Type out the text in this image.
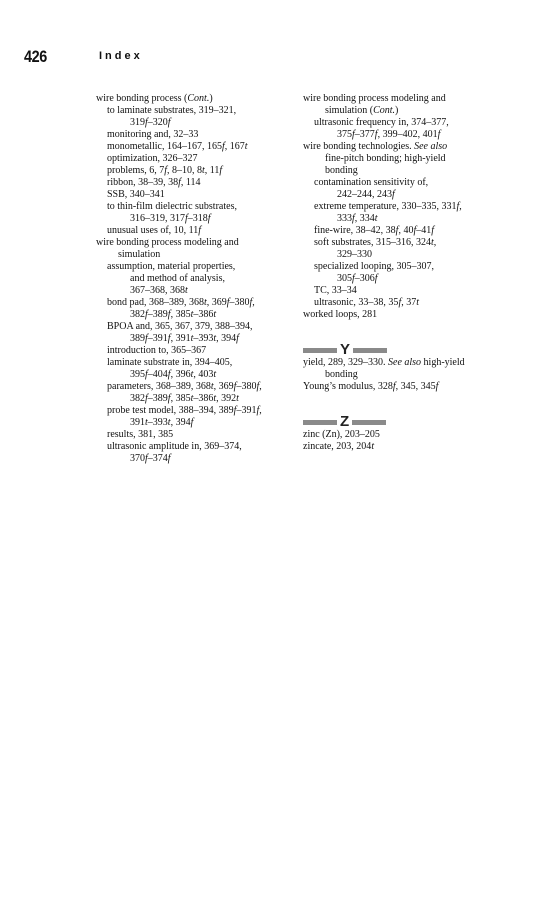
426	Index

wire bonding process (Cont.)

to laminate substrates, 319–321,

319f–320f

monitoring and, 32–33

monometallic, 164–167, 165f, 167t

optimization, 326–327

problems, 6, 7f, 8–10, 8t, 11f

ribbon, 38–39, 38f, 114

SSB, 340–341

to thin-film dielectric substrates,

316–319, 317f–318f

unusual uses of, 10, 11f

wire bonding process modeling and

simulation

assumption, material properties,

and method of analysis,

367–368, 368t

bond pad, 368–389, 368t, 369f–380f,

382f–389f, 385t–386t

BPOA and, 365, 367, 379, 388–394,

389f–391f, 391t–393t, 394f

introduction to, 365–367

laminate substrate in, 394–405,

395f–404f, 396t, 403t

parameters, 368–389, 368t, 369f–380f,

382f–389f, 385t–386t, 392t

probe test model, 388–394, 389f–391f,

391t–393t, 394f

results, 381, 385

ultrasonic amplitude in, 369–374,

370f–374f

wire bonding process modeling and

simulation (Cont.)

ultrasonic frequency in, 374–377,

375f–377f, 399–402, 401f

wire bonding technologies. See also

fine-pitch bonding; high-yield

bonding

contamination sensitivity of,

242–244, 243f

extreme temperature, 330–335, 331f,

333f, 334t

fine-wire, 38–42, 38f, 40f–41f

soft substrates, 315–316, 324t,

329–330

specialized looping, 305–307,

305f–306f

TC, 33–34

ultrasonic, 33–38, 35f, 37t

worked loops, 281

Y

yield, 289, 329–330. See also high-yield

bonding

Young’s modulus, 328f, 345, 345f

Z

zinc (Zn), 203–205

zincate, 203, 204t
